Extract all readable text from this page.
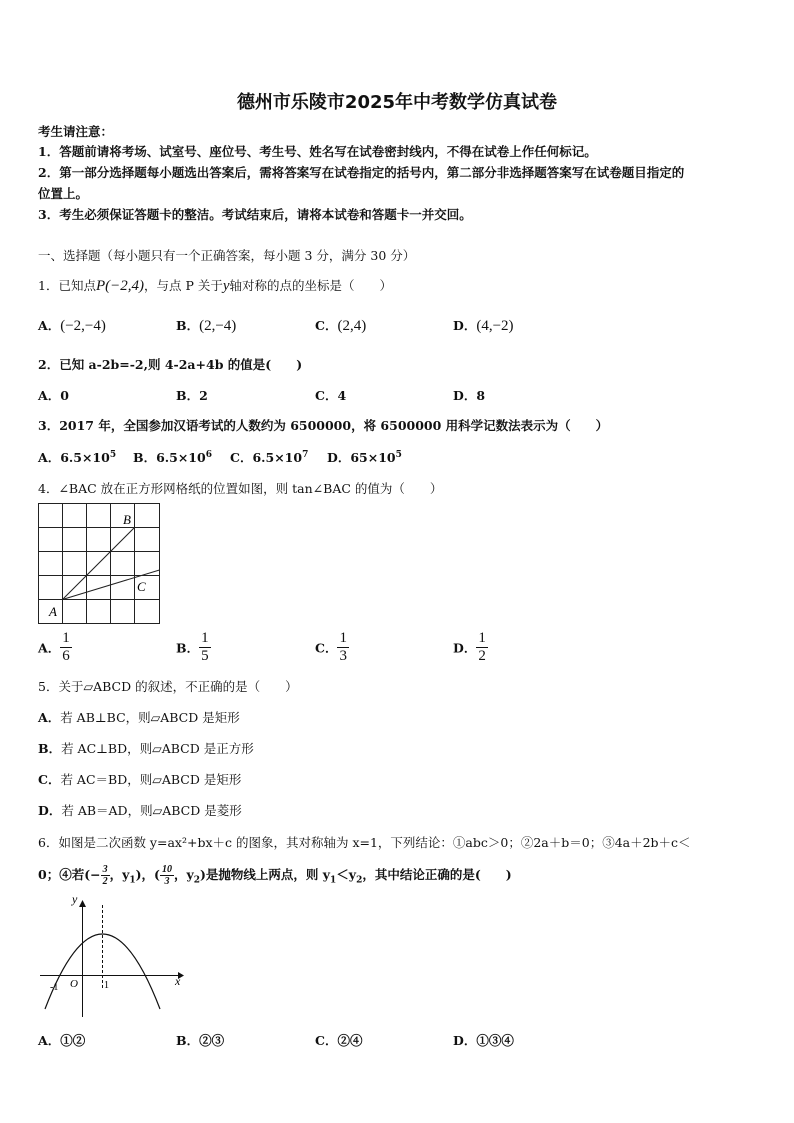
德州市乐陵市2025年中考数学仿真试卷
考生请注意：
1．答题前请将考场、试室号、座位号、考生号、姓名写在试卷密封线内，不得在试卷上作任何标记。
2．第一部分选择题每小题选出答案后，需将答案写在试卷指定的括号内，第二部分非选择题答案写在试卷题目指定的
位置上。
3．考生必须保证答题卡的整洁。考试结束后，请将本试卷和答题卡一并交回。
一、选择题（每小题只有一个正确答案，每小题 3 分，满分 30 分）
1．已知点P(−2,4)，与点 P 关于y轴对称的点的坐标是（　　）
A．(−2,−4)	B．(2,−4)	C．(2,4)	D．(4,−2)
2．已知 a-2b=-2,则 4-2a+4b 的值是(　　)
A．0	B．2	C．4	D．8
3．2017 年，全国参加汉语考试的人数约为 6500000，将 6500000 用科学记数法表示为（　　）
A．$6.5\times 10^5$ B．$6.5\times 10^6$ C．$6.5\times 10^7$ D．$65\times 10^5$
4．∠BAC 放在正方形网格纸的位置如图，则 tan∠BAC 的值为（　　）
A
B
C
A． $\frac{1}{6}$	B． $\frac{1}{5}$	C． $\frac{1}{3}$	D． $\frac{1}{2}$
5．关于▱ABCD 的叙述，不正确的是（　　）
A．若 AB⊥BC，则▱ABCD 是矩形
B．若 AC⊥BD，则▱ABCD 是正方形
C．若 AC＝BD，则▱ABCD 是矩形
D．若 AB＝AD，则▱ABCD 是菱形
6．如图是二次函数 y=ax²+bx＋c 的图象，其对称轴为 x=1，下列结论：①abc＞0；②2a＋b＝0；③4a＋2b＋c＜
0；④若(− $\frac{3}{2}$ ，$y_1$)，( $\frac{10}{3}$ ，$y_2$)是抛物线上两点，则 $y_1<y_2$，其中结论正确的是(　　)
y
x
O
-1	1
A．①②	B．②③	C．②④	D．①③④
